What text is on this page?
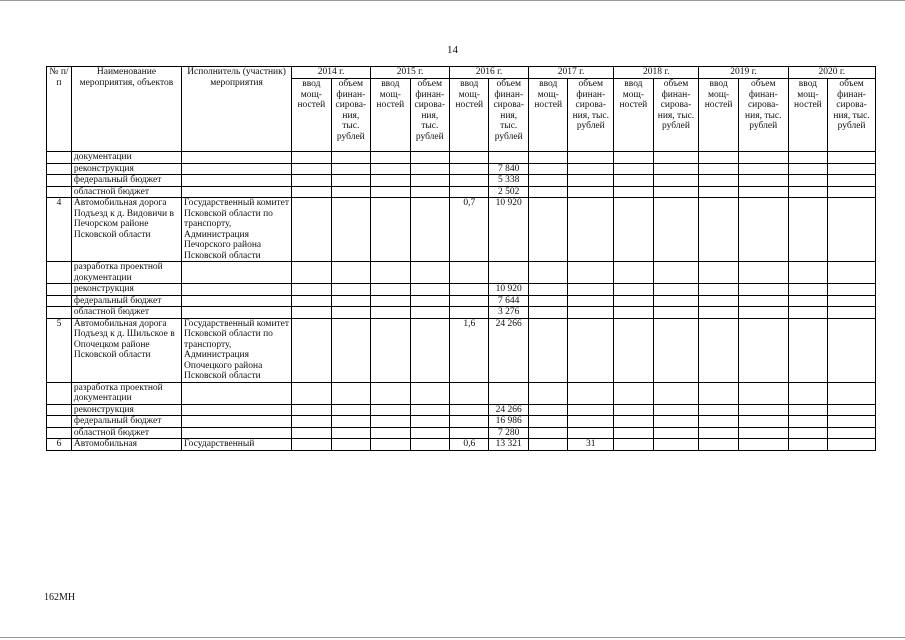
14
№ п/п	Наименование мероприятия, объектов	Исполнитель (участник) мероприятия	2014 г.		2015 г.		2016 г.		2017 г.		2018 г.		2019 г.		2020 г.	
			ввод мощ-ностей	объем финан-сирова-ния, тыс. рублей	ввод мощ-ностей	объем финан-сирова-ния, тыс. рублей	ввод мощ-ностей	объем финан-сирова-ния, тыс. рублей	ввод мощ-ностей	объем финан-сирова-ния, тыс. рублей	ввод мощ-ностей	объем финан-сирова-ния, тыс. рублей	ввод мощ-ностей	объем финан-сирова-ния, тыс. рублей	ввод мощ-ностей	объем финан-сирова-ния, тыс. рублей
	документации															
	реконструкция							7 840								
	федеральный бюджет							5 338								
	областной бюджет							2 502								
4	Автомобильная дорога Подъезд к д. Видовичи в Печорском районе Псковской области	Государственный комитет Псковской области по транспорту, Администрация Печорского района Псковской области					0,7	10 920								
	разработка проектной документации															
	реконструкция							10 920								
	федеральный бюджет							7 644								
	областной бюджет							3 276								
5	Автомобильная дорога Подъезд к д. Шильское в Опочецком районе Псковской области	Государственный комитет Псковской области по транспорту, Администрация Опочецкого района Псковской области					1,6	24 266								
	разработка проектной документации															
	реконструкция							24 266								
	федеральный бюджет							16 986								
	областной бюджет							7 280								
6	Автомобильная	Государственный					0,6	13 321		31						
162МН
